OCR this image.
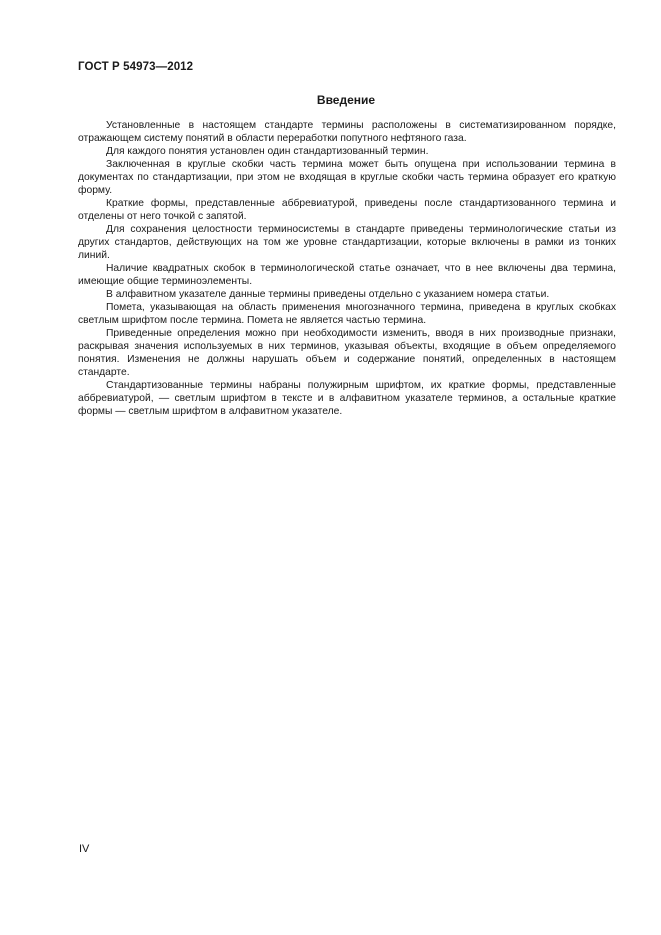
ГОСТ Р 54973—2012
Введение

Установленные в настоящем стандарте термины расположены в систематизированном порядке, отражающем систему понятий в области переработки попутного нефтяного газа.

Для каждого понятия установлен один стандартизованный термин.

Заключенная в круглые скобки часть термина может быть опущена при использовании термина в документах по стандартизации, при этом не входящая в круглые скобки часть термина образует его краткую форму.

Краткие формы, представленные аббревиатурой, приведены после стандартизованного термина и отделены от него точкой с запятой.

Для сохранения целостности терминосистемы в стандарте приведены терминологические статьи из других стандартов, действующих на том же уровне стандартизации, которые включены в рамки из тонких линий.

Наличие квадратных скобок в терминологической статье означает, что в нее включены два термина, имеющие общие терминоэлементы.

В алфавитном указателе данные термины приведены отдельно с указанием номера статьи.

Помета, указывающая на область применения многозначного термина, приведена в круглых скобках светлым шрифтом после термина. Помета не является частью термина.

Приведенные определения можно при необходимости изменить, вводя в них производные признаки, раскрывая значения используемых в них терминов, указывая объекты, входящие в объем определяемого понятия. Изменения не должны нарушать объем и содержание понятий, определенных в настоящем стандарте.

Стандартизованные термины набраны полужирным шрифтом, их краткие формы, представленные аббревиатурой, — светлым шрифтом в тексте и в алфавитном указателе терминов, а остальные краткие формы — светлым шрифтом в алфавитном указателе.

IV
